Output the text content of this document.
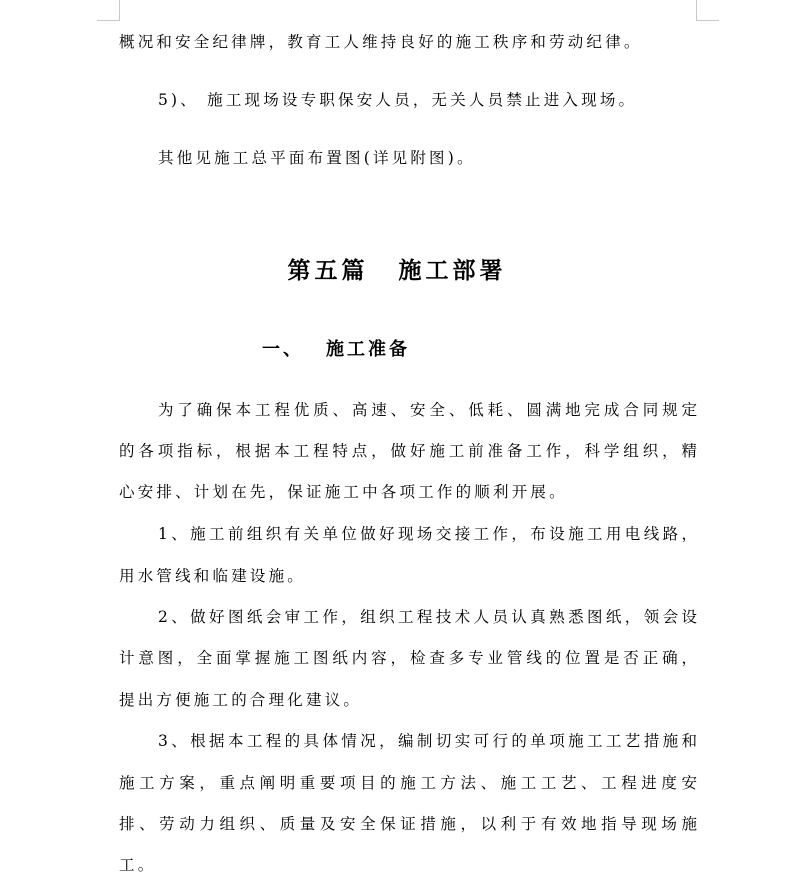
概况和安全纪律牌，教育工人维持良好的施工秩序和劳动纪律。
5)、 施工现场设专职保安人员，无关人员禁止进入现场。
其他见施工总平面布置图(详见附图)。
第五篇 施工部署
一、 施工准备
为了确保本工程优质、高速、安全、低耗、圆满地完成合同规定
的各项指标，根据本工程特点，做好施工前准备工作，科学组织，精
心安排、计划在先，保证施工中各项工作的顺利开展。
1、施工前组织有关单位做好现场交接工作，布设施工用电线路，
用水管线和临建设施。
2、做好图纸会审工作，组织工程技术人员认真熟悉图纸，领会设
计意图，全面掌握施工图纸内容，检查多专业管线的位置是否正确，
提出方便施工的合理化建议。
3、根据本工程的具体情况，编制切实可行的单项施工工艺措施和
施工方案，重点阐明重要项目的施工方法、施工工艺、工程进度安
排、劳动力组织、质量及安全保证措施，以利于有效地指导现场施
工。
